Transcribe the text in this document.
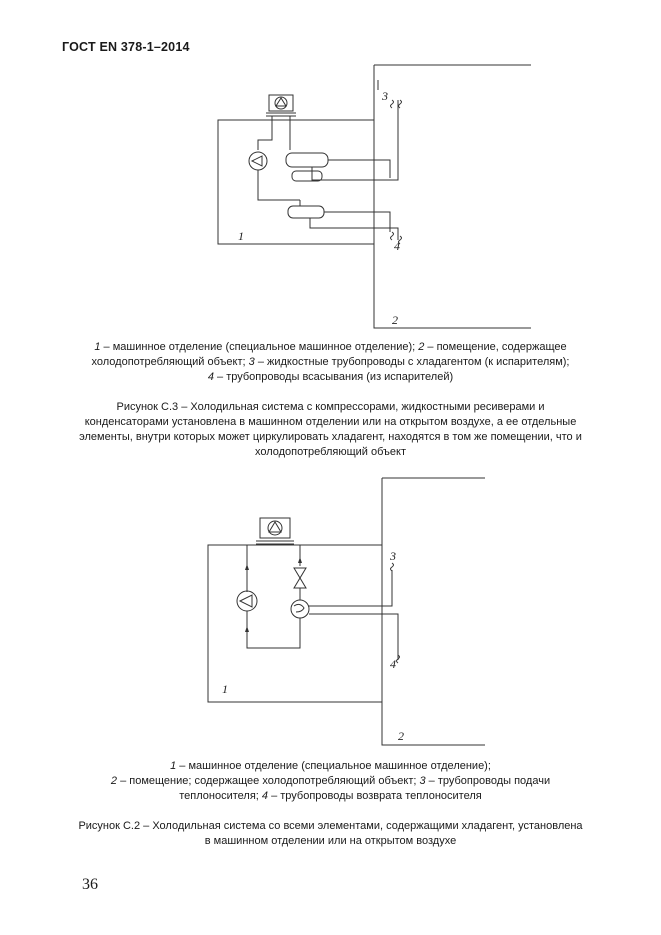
ГОСТ EN 378-1–2014
1
2
3
4
1 – машинное отделение (специальное машинное отделение); 2 – помещение, содержащее
холодопотребляющий объект; 3 – жидкостные трубопроводы с хладагентом (к испарителям);
4 – трубопроводы всасывания (из испарителей)
Рисунок С.3 – Холодильная система с компрессорами, жидкостными ресиверами и
конденсаторами установлена в машинном отделении или на открытом воздухе, а ее отдельные
элементы, внутри которых может циркулировать хладагент, находятся в том же помещении, что и
холодопотребляющий объект
1
2
3
4
1 – машинное отделение (специальное машинное отделение);
2 – помещение; содержащее холодопотребляющий объект; 3 – трубопроводы подачи
теплоносителя; 4 – трубопроводы возврата теплоносителя
Рисунок С.2 – Холодильная система со всеми элементами, содержащими хладагент, установлена
в машинном отделении или на открытом воздухе
36
